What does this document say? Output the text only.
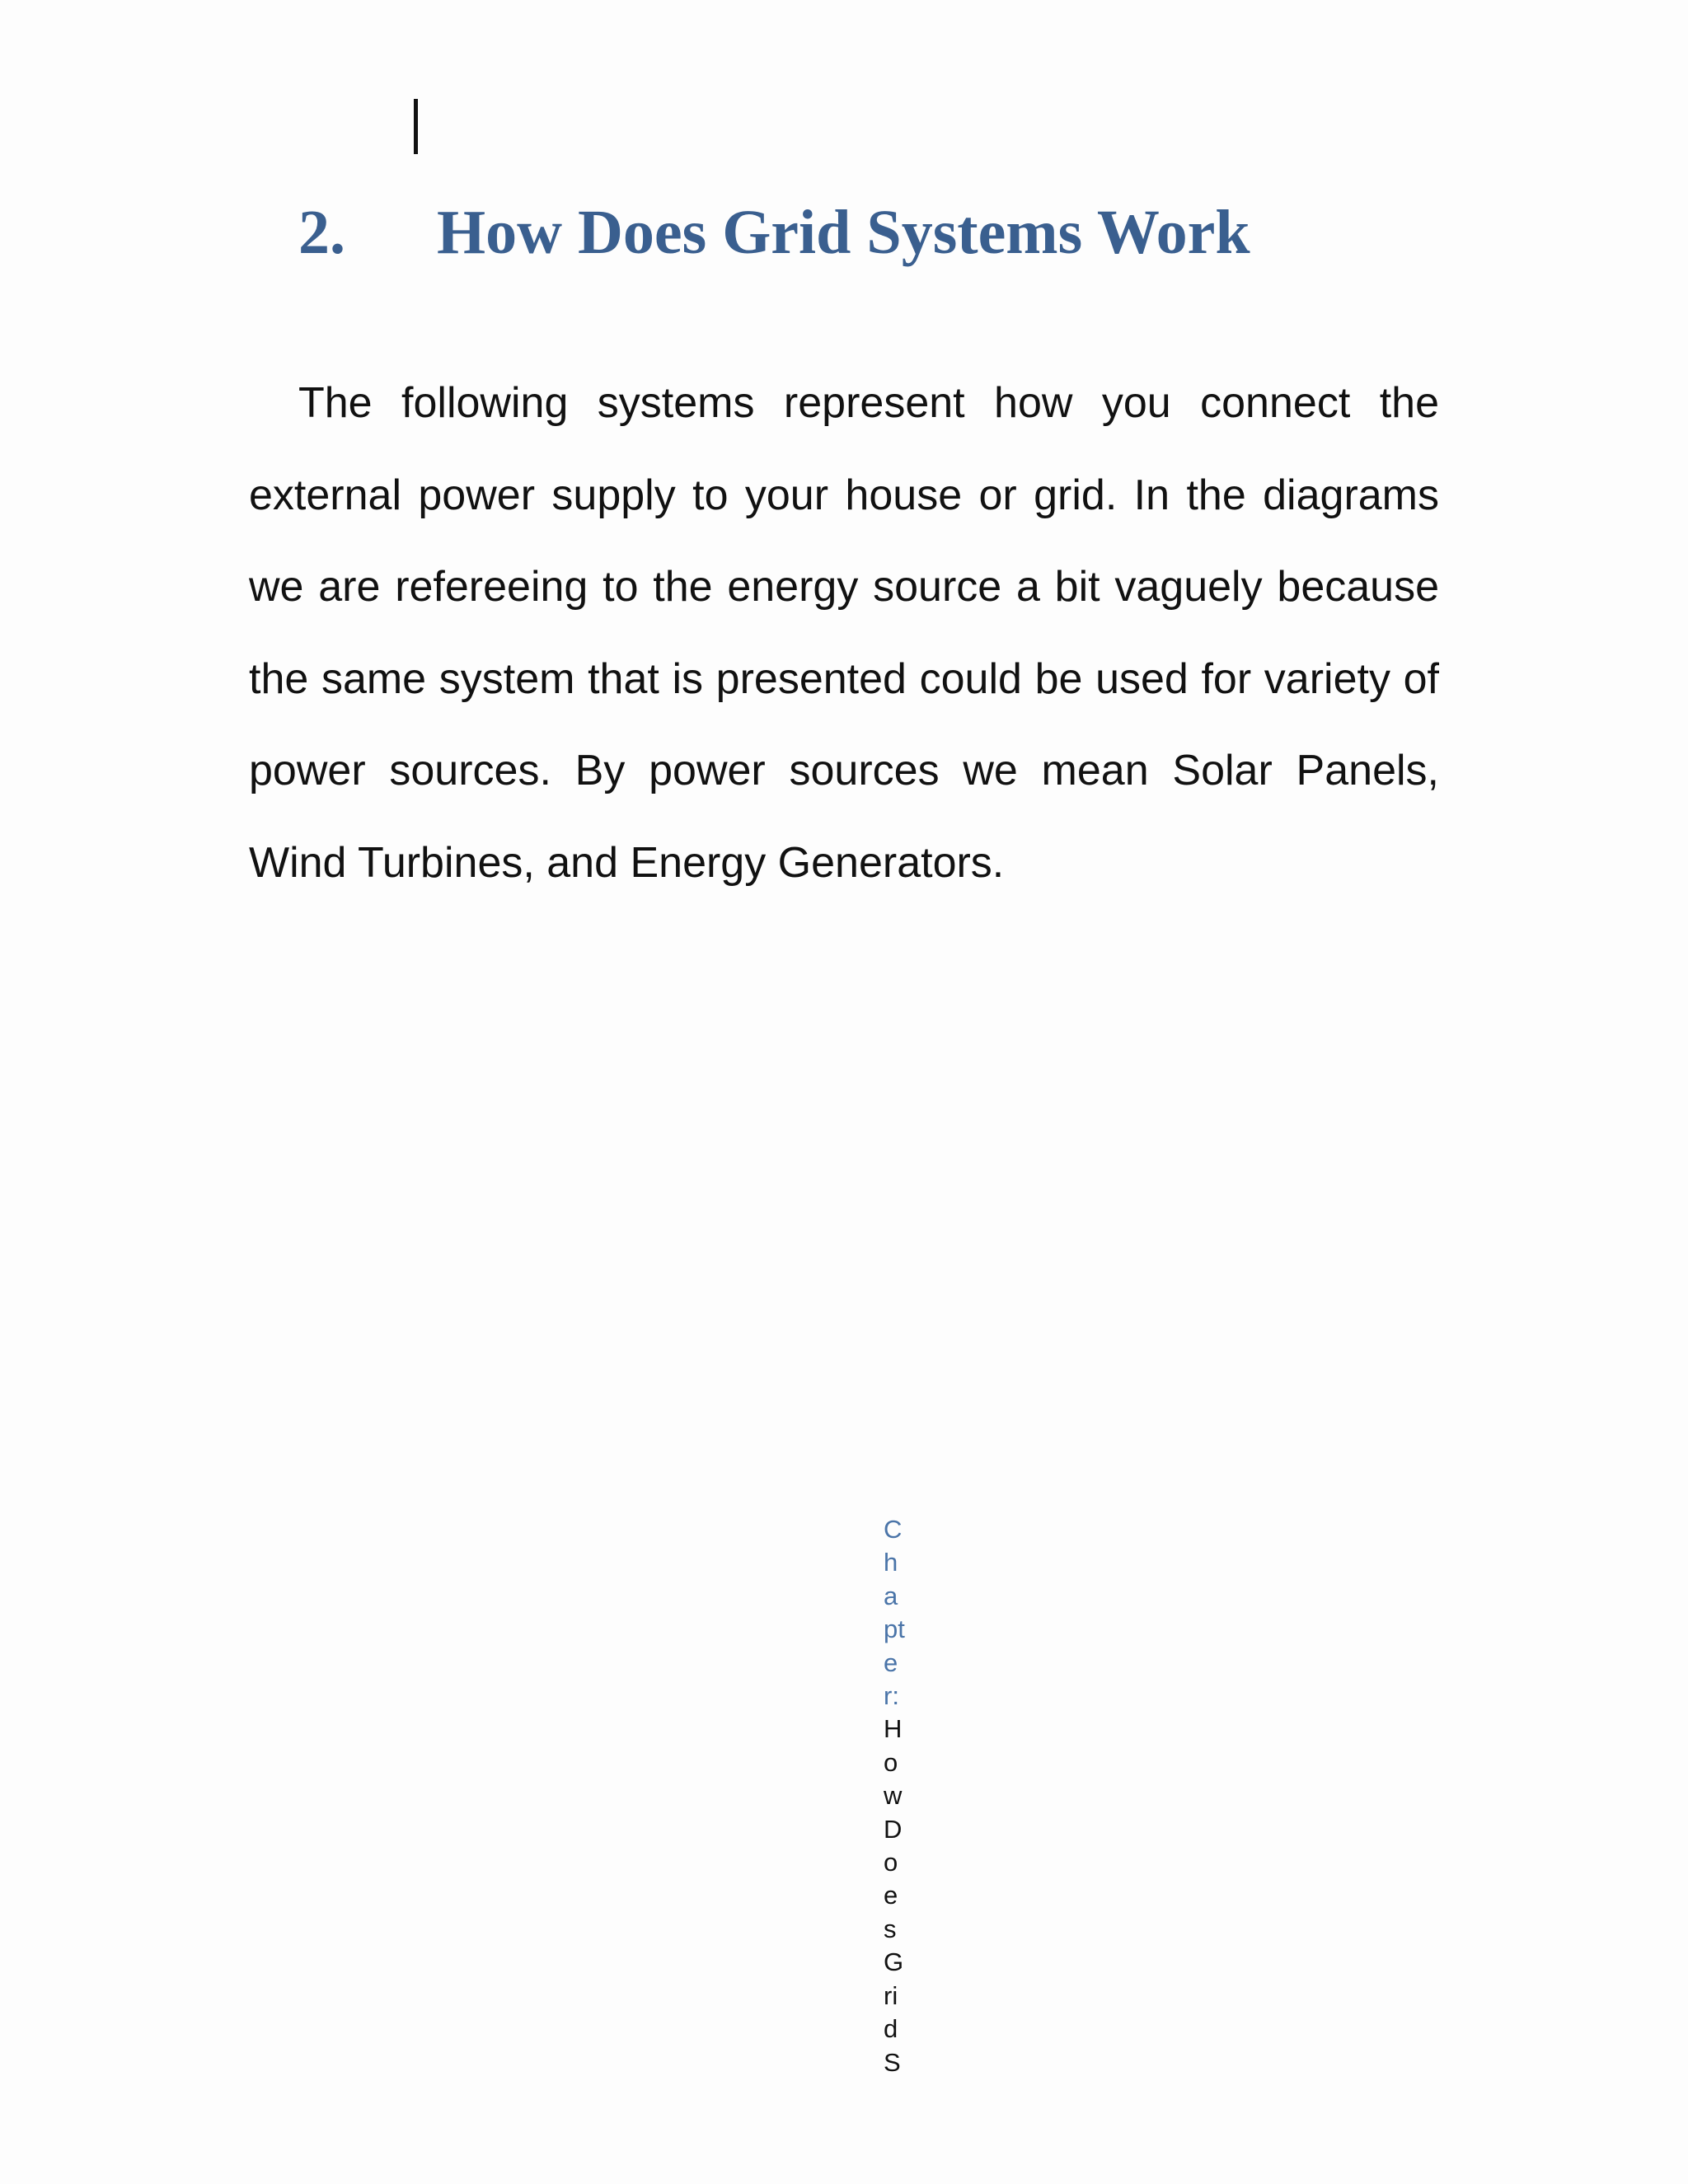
2. How Does Grid Systems Work

The following systems represent how you connect the external power supply to your house or grid. In the diagrams we are refereeing to the energy source a bit vaguely because the same system that is presented could be used for variety of power sources. By power sources we mean Solar Panels, Wind Turbines, and Energy Generators.

Chapter:HowDoesGridS
